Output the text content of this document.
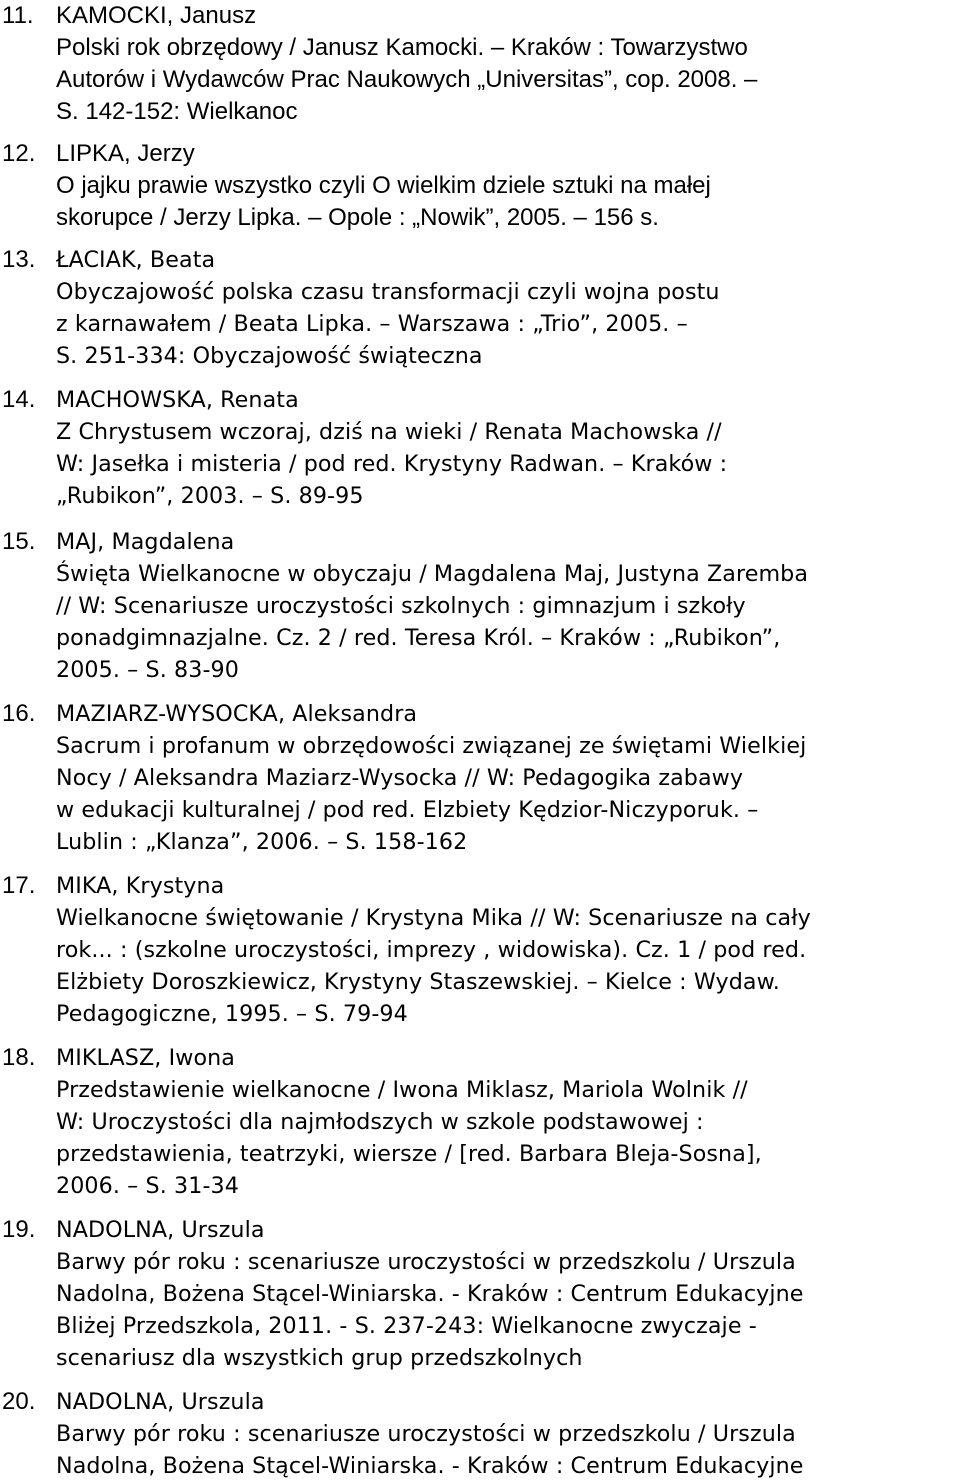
11. KAMOCKI, Janusz
Polski rok obrzędowy / Janusz Kamocki. – Kraków : Towarzystwo
Autorów i Wydawców Prac Naukowych „Universitas”, cop. 2008. –
S. 142-152: Wielkanoc
12. LIPKA, Jerzy
O jajku prawie wszystko czyli O wielkim dziele sztuki na małej
skorupce / Jerzy Lipka. – Opole : „Nowik”, 2005. – 156 s.
13. ŁACIAK, Beata
Obyczajowość polska czasu transformacji czyli wojna postu
z karnawałem / Beata Lipka. – Warszawa : „Trio”, 2005. –
S. 251-334: Obyczajowość świąteczna
14. MACHOWSKA, Renata
Z Chrystusem wczoraj, dziś na wieki / Renata Machowska //
W: Jasełka i misteria / pod red. Krystyny Radwan. – Kraków :
„Rubikon”, 2003. – S. 89-95
15. MAJ, Magdalena
Święta Wielkanocne w obyczaju / Magdalena Maj, Justyna Zaremba
// W: Scenariusze uroczystości szkolnych : gimnazjum i szkoły
ponadgimnazjalne. Cz. 2 / red. Teresa Król. – Kraków : „Rubikon”,
2005. – S. 83-90
16. MAZIARZ-WYSOCKA, Aleksandra
Sacrum i profanum w obrzędowości związanej ze świętami Wielkiej
Nocy / Aleksandra Maziarz-Wysocka // W: Pedagogika zabawy
w edukacji kulturalnej / pod red. Elzbiety Kędzior-Niczyporuk. –
Lublin : „Klanza”, 2006. – S. 158-162
17. MIKA, Krystyna
Wielkanocne świętowanie / Krystyna Mika // W: Scenariusze na cały
rok... : (szkolne uroczystości, imprezy , widowiska). Cz. 1 / pod red.
Elżbiety Doroszkiewicz, Krystyny Staszewskiej. – Kielce : Wydaw.
Pedagogiczne, 1995. – S. 79-94
18. MIKLASZ, Iwona
Przedstawienie wielkanocne / Iwona Miklasz, Mariola Wolnik //
W: Uroczystości dla najmłodszych w szkole podstawowej :
przedstawienia, teatrzyki, wiersze / [red. Barbara Bleja-Sosna],
2006. – S. 31-34
19. NADOLNA, Urszula
Barwy pór roku : scenariusze uroczystości w przedszkolu / Urszula
Nadolna, Bożena Stącel-Winiarska. - Kraków : Centrum Edukacyjne
Bliżej Przedszkola, 2011. - S. 237-243: Wielkanocne zwyczaje -
scenariusz dla wszystkich grup przedszkolnych
20. NADOLNA, Urszula
Barwy pór roku : scenariusze uroczystości w przedszkolu / Urszula
Nadolna, Bożena Stącel-Winiarska. - Kraków : Centrum Edukacyjne
